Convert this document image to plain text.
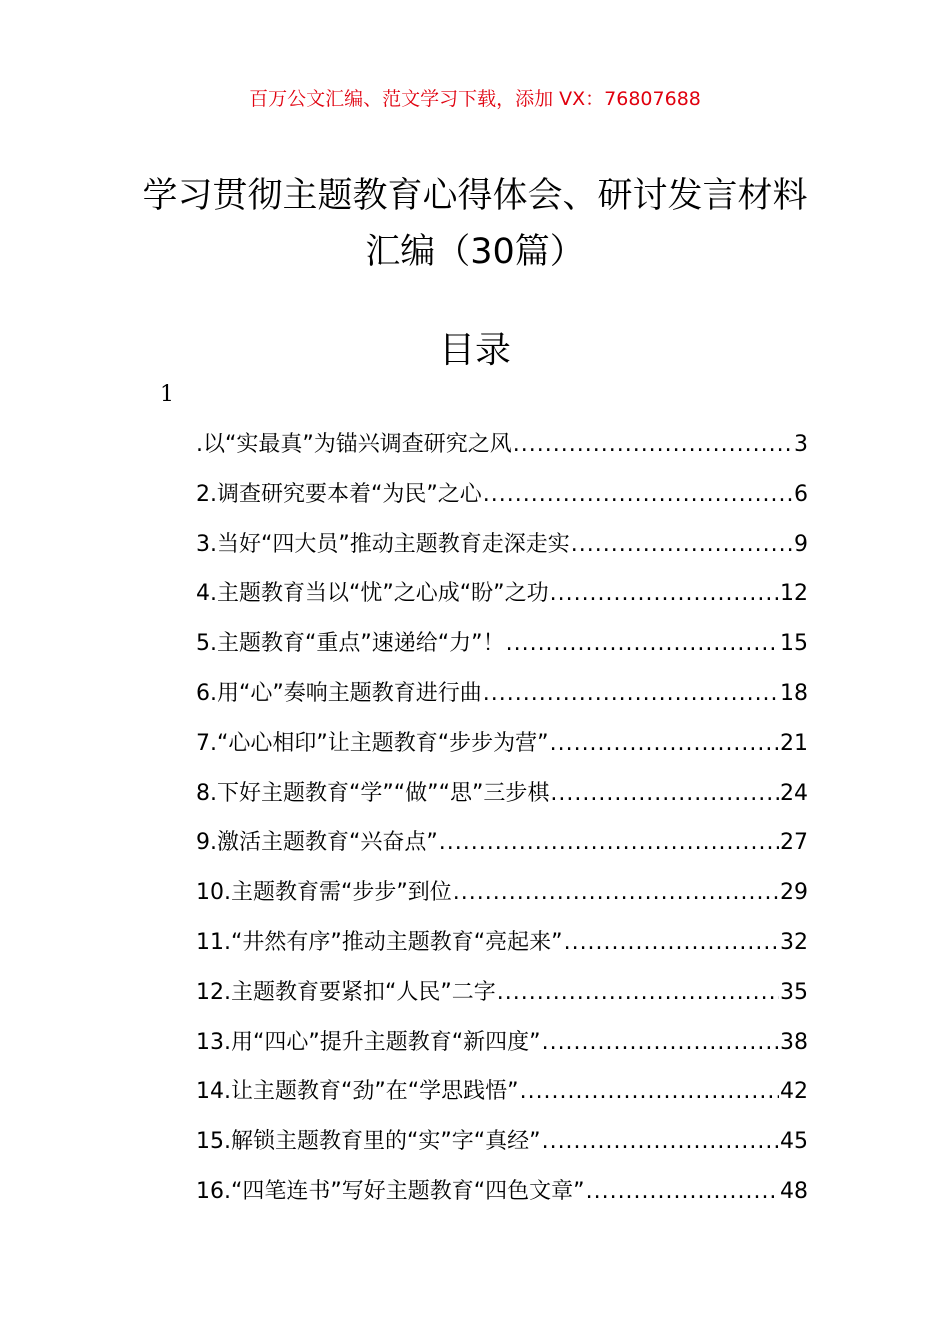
百万公文汇编、范文学习下载，添加 VX：76807688
学习贯彻主题教育心得体会、研讨发言材料汇编（30篇）
目录
1
.以“实最真”为锚兴调查研究之风 .....	3
2.调查研究要本着“为民”之心 .....	6
3.当好“四大员”推动主题教育走深走实 .....	9
4.主题教育当以“忧”之心成“盼”之功 .....	12
5.主题教育“重点”速递给“力”！ .....	15
6.用“心”奏响主题教育进行曲 .....	18
7.“心心相印”让主题教育“步步为营” .....	21
8.下好主题教育“学”“做”“思”三步棋 .....	24
9.激活主题教育“兴奋点” .....	27
10.主题教育需“步步”到位 .....	29
11.“井然有序”推动主题教育“亮起来” .....	32
12.主题教育要紧扣“人民”二字 .....	35
13.用“四心”提升主题教育“新四度” .....	38
14.让主题教育“劲”在“学思践悟” .....	42
15.解锁主题教育里的“实”字“真经” .....	45
16.“四笔连书”写好主题教育“四色文章” .....	48
